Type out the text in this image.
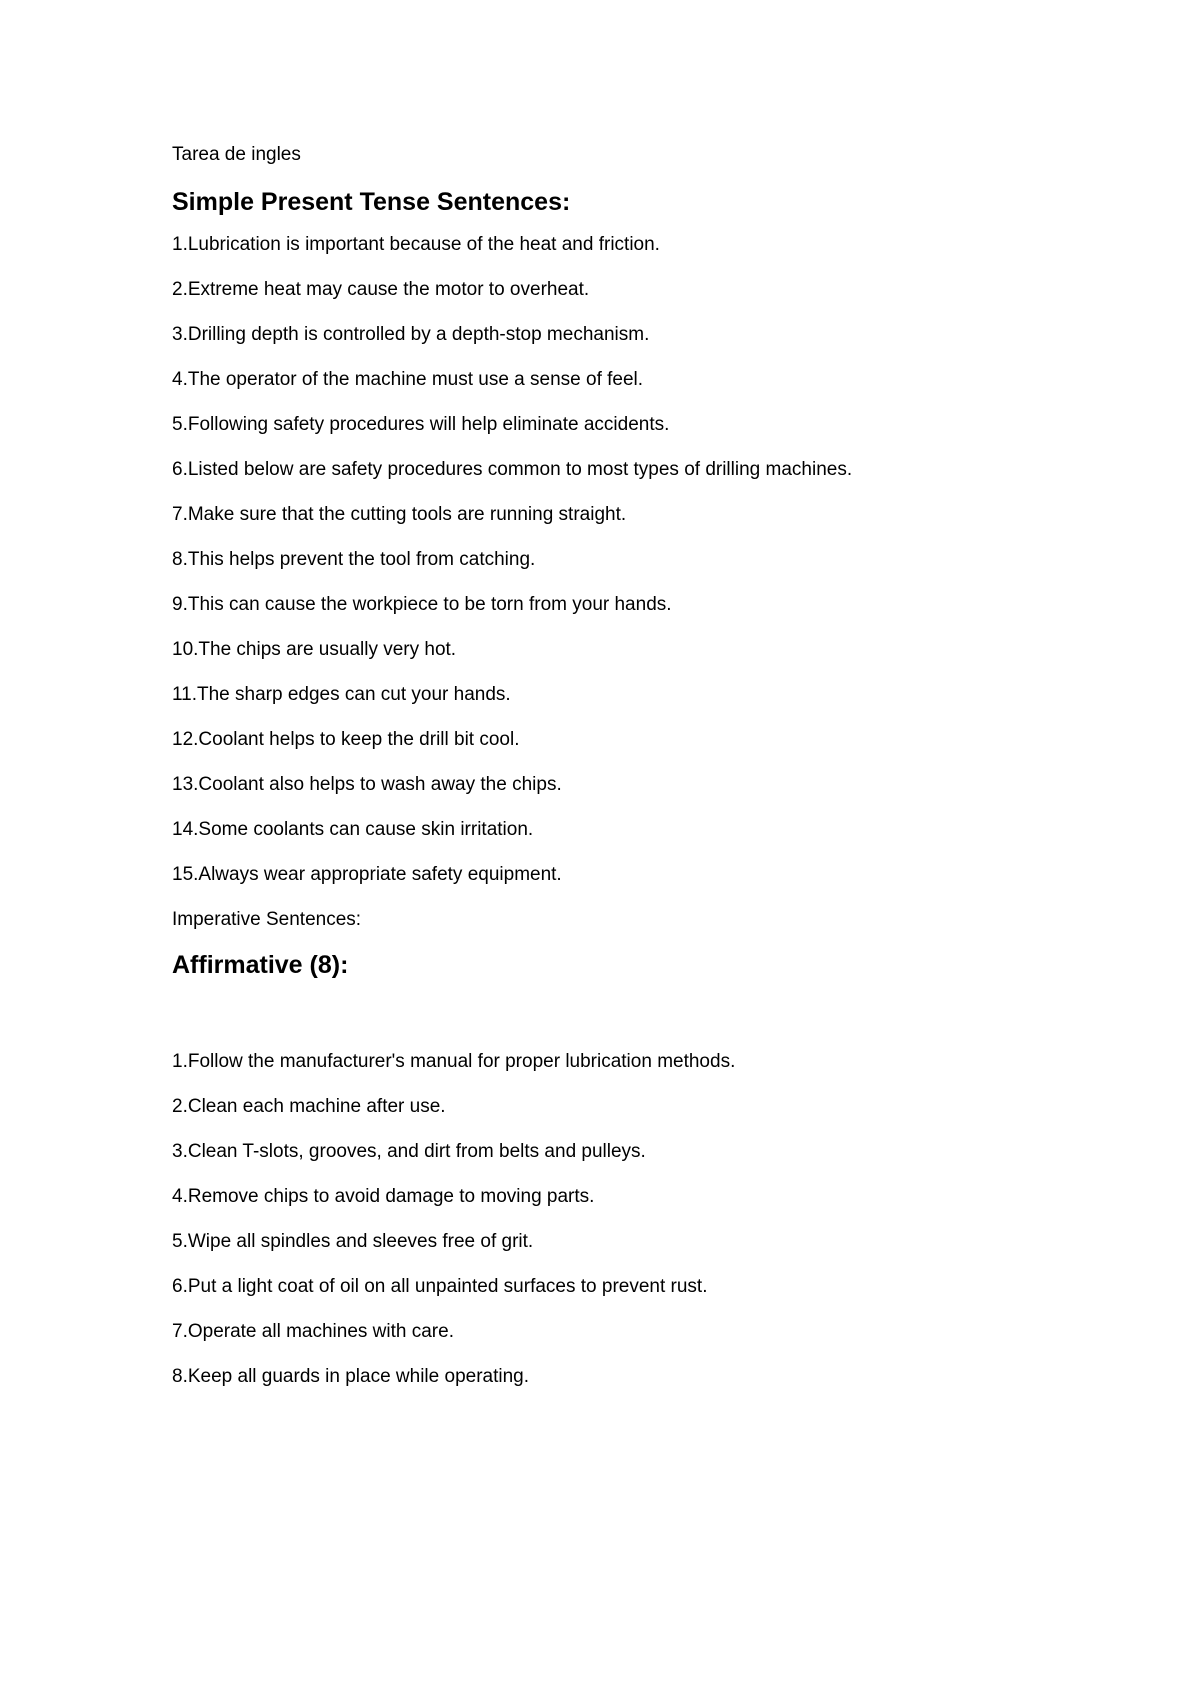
Tarea de ingles

Simple Present Tense Sentences:
1.Lubrication is important because of the heat and friction.
2.Extreme heat may cause the motor to overheat.
3.Drilling depth is controlled by a depth-stop mechanism.
4.The operator of the machine must use a sense of feel.
5.Following safety procedures will help eliminate accidents.
6.Listed below are safety procedures common to most types of drilling machines.
7.Make sure that the cutting tools are running straight.
8.This helps prevent the tool from catching.
9.This can cause the workpiece to be torn from your hands.
10.The chips are usually very hot.
11.The sharp edges can cut your hands.
12.Coolant helps to keep the drill bit cool.
13.Coolant also helps to wash away the chips.
14.Some coolants can cause skin irritation.
15.Always wear appropriate safety equipment.

Imperative Sentences:

Affirmative (8):
1.Follow the manufacturer's manual for proper lubrication methods.
2.Clean each machine after use.
3.Clean T-slots, grooves, and dirt from belts and pulleys.
4.Remove chips to avoid damage to moving parts.
5.Wipe all spindles and sleeves free of grit.
6.Put a light coat of oil on all unpainted surfaces to prevent rust.
7.Operate all machines with care.
8.Keep all guards in place while operating.
